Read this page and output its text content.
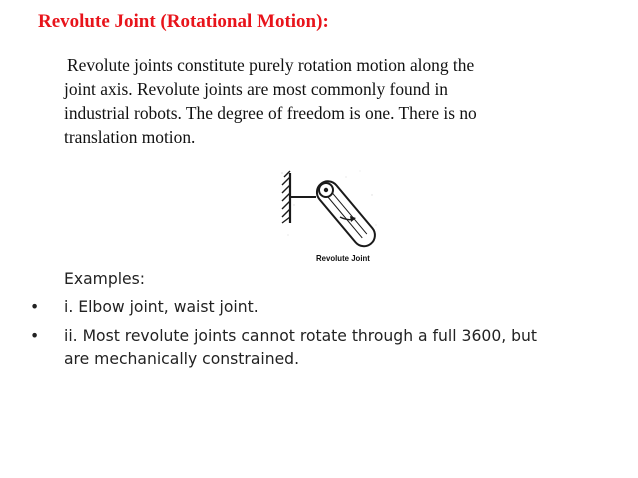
Revolute Joint (Rotational Motion):
Revolute joints constitute purely rotation motion along the
joint axis. Revolute joints are most commonly found in
industrial robots. The degree of freedom is one. There is no
translation motion.
Revolute Joint
Examples:
• i. Elbow joint, waist joint.
• ii. Most revolute joints cannot rotate through a full 3600, but
are mechanically constrained.
